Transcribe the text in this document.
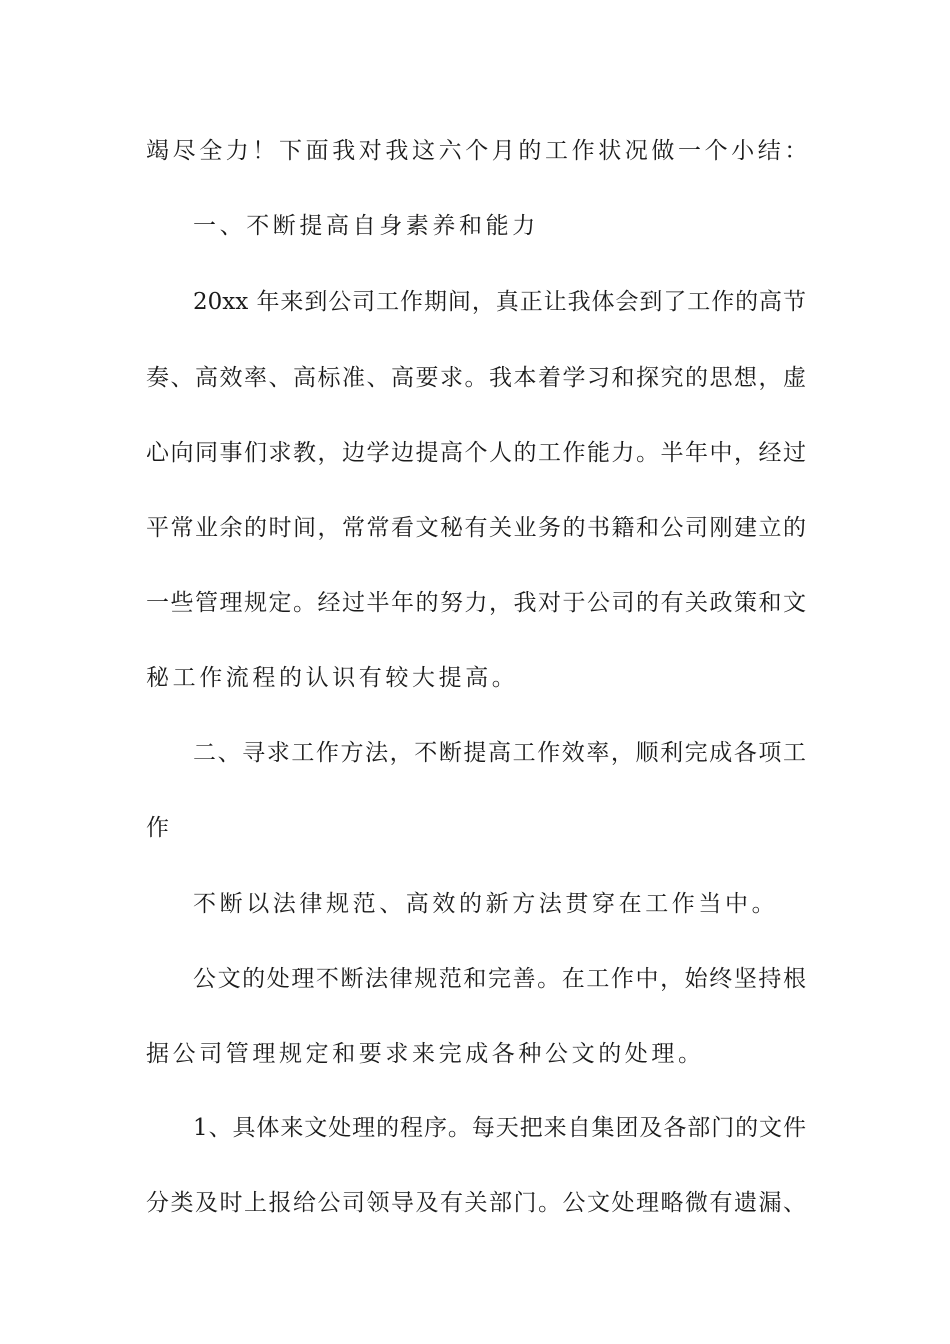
竭尽全力！下面我对我这六个月的工作状况做一个小结：
一、不断提高自身素养和能力
20xx 年来到公司工作期间，真正让我体会到了工作的高节
奏、高效率、高标准、高要求。我本着学习和探究的思想，虚
心向同事们求教，边学边提高个人的工作能力。半年中，经过
平常业余的时间，常常看文秘有关业务的书籍和公司刚建立的
一些管理规定。经过半年的努力，我对于公司的有关政策和文
秘工作流程的认识有较大提高。
二、寻求工作方法，不断提高工作效率，顺利完成各项工
作
不断以法律规范、高效的新方法贯穿在工作当中。
公文的处理不断法律规范和完善。在工作中，始终坚持根
据公司管理规定和要求来完成各种公文的处理。
1、具体来文处理的程序。每天把来自集团及各部门的文件
分类及时上报给公司领导及有关部门。公文处理略微有遗漏、
